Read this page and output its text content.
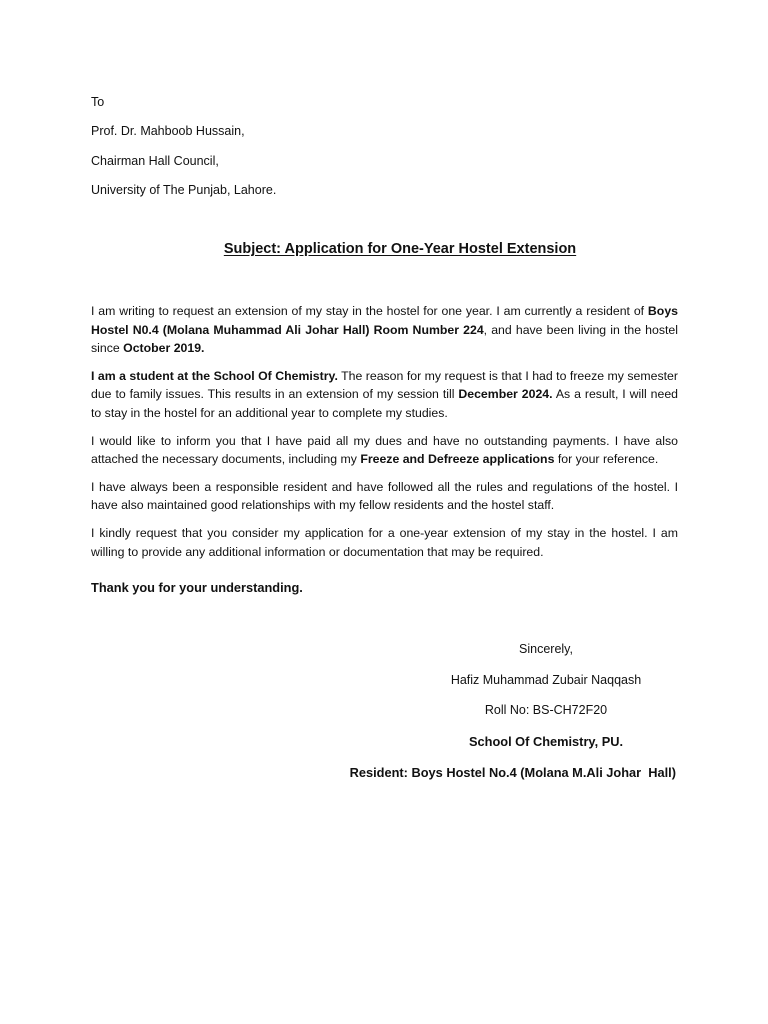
To
Prof. Dr. Mahboob Hussain,
Chairman Hall Council,
University of The Punjab, Lahore.
Subject: Application for One-Year Hostel Extension

I am writing to request an extension of my stay in the hostel for one year. I am currently a resident of Boys Hostel N0.4 (Molana Muhammad Ali Johar Hall) Room Number 224, and have been living in the hostel since October 2019.

I am a student at the School Of Chemistry. The reason for my request is that I had to freeze my semester due to family issues. This results in an extension of my session till December 2024. As a result, I will need to stay in the hostel for an additional year to complete my studies.

I would like to inform you that I have paid all my dues and have no outstanding payments. I have also attached the necessary documents, including my Freeze and Defreeze applications for your reference.

I have always been a responsible resident and have followed all the rules and regulations of the hostel. I have also maintained good relationships with my fellow residents and the hostel staff.

I kindly request that you consider my application for a one-year extension of my stay in the hostel. I am willing to provide any additional information or documentation that may be required.

Thank you for your understanding.
Sincerely,
Hafiz Muhammad Zubair Naqqash
Roll No: BS-CH72F20
School Of Chemistry, PU.
Resident: Boys Hostel No.4 (Molana M.Ali Johar  Hall)
